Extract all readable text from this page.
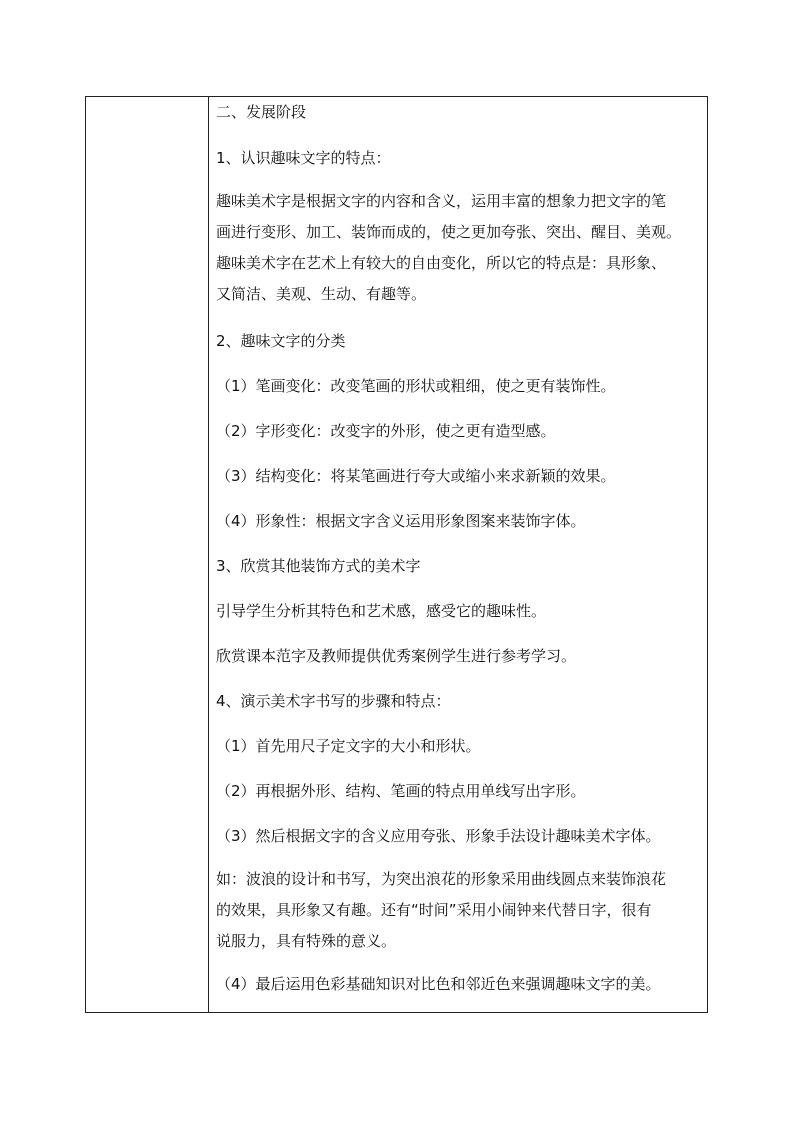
二、发展阶段
1、认识趣味文字的特点：
趣味美术字是根据文字的内容和含义，运用丰富的想象力把文字的笔
画进行变形、加工、装饰而成的，使之更加夸张、突出、醒目、美观。
趣味美术字在艺术上有较大的自由变化，所以它的特点是：具形象、
又简洁、美观、生动、有趣等。
2、趣味文字的分类
（1）笔画变化：改变笔画的形状或粗细，使之更有装饰性。
（2）字形变化：改变字的外形，使之更有造型感。
（3）结构变化：将某笔画进行夸大或缩小来求新颖的效果。
（4）形象性：根据文字含义运用形象图案来装饰字体。
3、欣赏其他装饰方式的美术字
引导学生分析其特色和艺术感，感受它的趣味性。
欣赏课本范字及教师提供优秀案例学生进行参考学习。
4、演示美术字书写的步骤和特点：
（1）首先用尺子定文字的大小和形状。
（2）再根据外形、结构、笔画的特点用单线写出字形。
（3）然后根据文字的含义应用夸张、形象手法设计趣味美术字体。
如：波浪的设计和书写，为突出浪花的形象采用曲线圆点来装饰浪花
的效果，具形象又有趣。还有“时间”采用小闹钟来代替日字，很有
说服力，具有特殊的意义。
（4）最后运用色彩基础知识对比色和邻近色来强调趣味文字的美。
